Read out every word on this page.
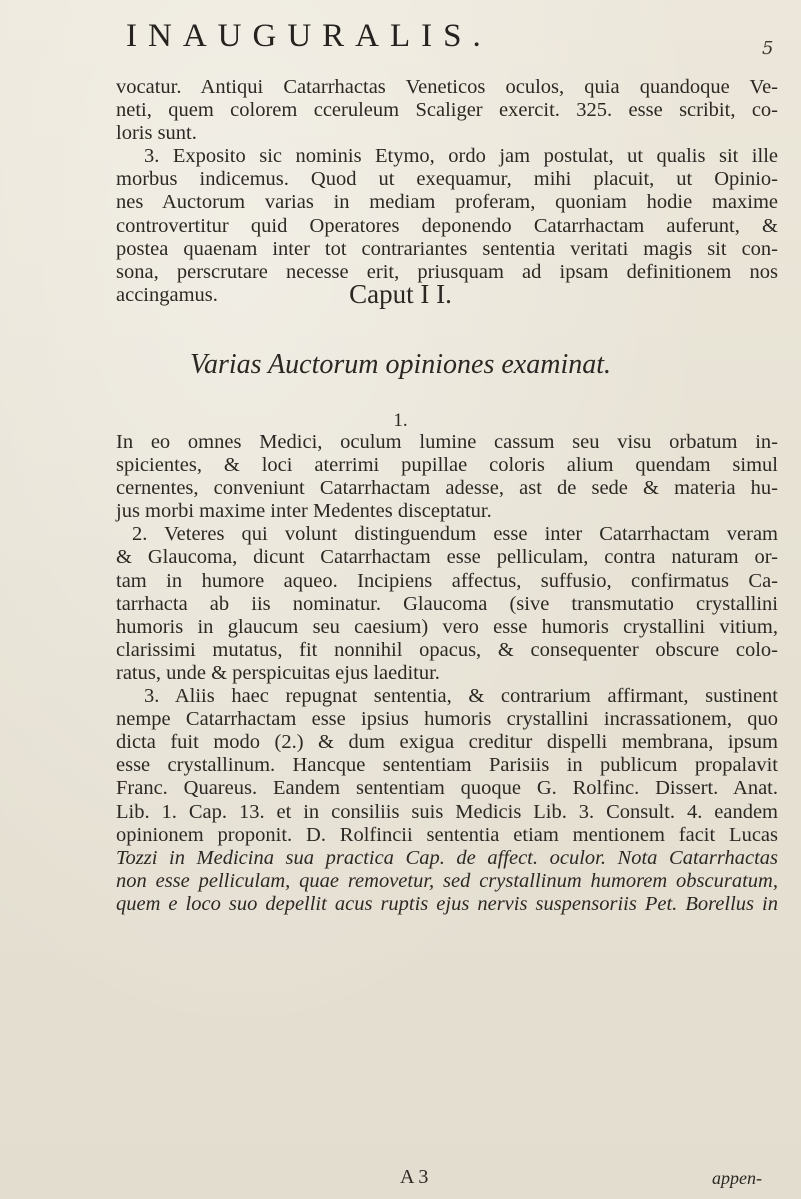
INAUGURALIS.	5
vocatur. Antiqui Catarrhactas Veneticos oculos, quia quandoque Ve-
neti, quem colorem cceruleum Scaliger exercit. 325. esse scribit, co-
loris sunt.
3. Exposito sic nominis Etymo, ordo jam postulat, ut qualis sit ille
morbus indicemus. Quod ut exequamur, mihi placuit, ut Opinio-
nes Auctorum varias in mediam proferam, quoniam hodie maxime
controvertitur quid Operatores deponendo Catarrhactam auferunt, &
postea quaenam inter tot contrariantes sententia veritati magis sit con-
sona, perscrutare necesse erit, priusquam ad ipsam definitionem nos
accingamus.	Caput I I.
Varias Auctorum opiniones examinat.
1.
In eo omnes Medici, oculum lumine cassum seu visu orbatum in-
spicientes, & loci aterrimi pupillae coloris alium quendam simul
cernentes, conveniunt Catarrhactam adesse, ast de sede & materia hu-
jus morbi maxime inter Medentes disceptatur.
2. Veteres qui volunt distinguendum esse inter Catarrhactam veram
& Glaucoma, dicunt Catarrhactam esse pelliculam, contra naturam or-
tam in humore aqueo. Incipiens affectus, suffusio, confirmatus Ca-
tarrhacta ab iis nominatur. Glaucoma (sive transmutatio crystallini
humoris in glaucum seu caesium) vero esse humoris crystallini vitium,
clarissimi mutatus, fit nonnihil opacus, & consequenter obscure colo-
ratus, unde & perspicuitas ejus laeditur.
3. Aliis haec repugnat sententia, & contrarium affirmant, sustinent
nempe Catarrhactam esse ipsius humoris crystallini incrassationem, quo
dicta fuit modo (2.) & dum exigua creditur dispelli membrana, ipsum
esse crystallinum. Hancque sententiam Parisiis in publicum propalavit
Franc. Quareus. Eandem sententiam quoque G. Rolfinc. Dissert. Anat.
Lib. 1. Cap. 13. et in consiliis suis Medicis Lib. 3. Consult. 4. eandem
opinionem proponit. D. Rolfincii sententia etiam mentionem facit Lucas
Tozzi in Medicina sua practica Cap. de affect. oculor. Nota Catarrhactas
non esse pelliculam, quae removetur, sed crystallinum humorem obscuratum,
quem e loco suo depellit acus ruptis ejus nervis suspensoriis Pet. Borellus in
A 3	appen-
